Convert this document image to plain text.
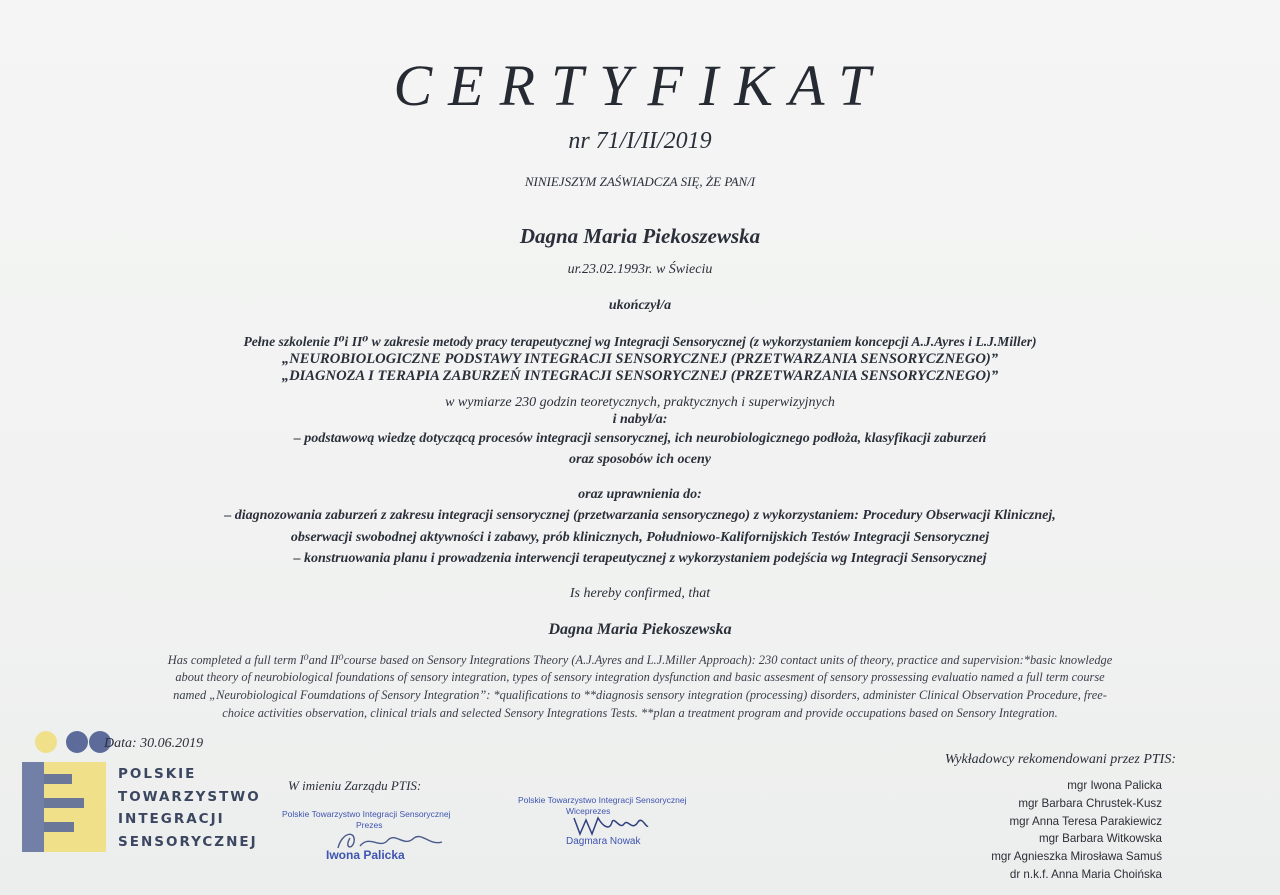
CERTYFIKAT

nr 71/I/II/2019

NINIEJSZYM ZAŚWIADCZA SIĘ, ŻE PAN/I

Dagna Maria Piekoszewska

ur.23.02.1993r. w Świeciu

ukończył/a

Pełne szkolenie I⁰i II⁰ w zakresie metody pracy terapeutycznej wg Integracji Sensorycznej (z wykorzystaniem koncepcji A.J.Ayres i L.J.Miller)

„NEUROBIOLOGICZNE PODSTAWY INTEGRACJI SENSORYCZNEJ (PRZETWARZANIA SENSORYCZNEGO)”

„DIAGNOZA I TERAPIA ZABURZEŃ INTEGRACJI SENSORYCZNEJ (PRZETWARZANIA SENSORYCZNEGO)”

w wymiarze 230 godzin teoretycznych, praktycznych i superwizyjnych

i nabył/a:

– podstawową wiedzę dotyczącą procesów integracji sensorycznej, ich neurobiologicznego podłoża, klasyfikacji zaburzeń

oraz sposobów ich oceny

oraz uprawnienia do:

– diagnozowania zaburzeń z zakresu integracji sensorycznej (przetwarzania sensorycznego) z wykorzystaniem: Procedury Obserwacji Klinicznej,

obserwacji swobodnej aktywności i zabawy, prób klinicznych, Południowo-Kalifornijskich Testów Integracji Sensorycznej

– konstruowania planu i prowadzenia interwencji terapeutycznej z wykorzystaniem podejścia wg Integracji Sensorycznej

Is hereby confirmed, that

Dagna Maria Piekoszewska

Has completed a full term I⁰and II⁰course based on Sensory Integrations Theory (A.J.Ayres and L.J.Miller Approach): 230 contact units of theory, practice and supervision:*basic knowledge

about theory of neurobiological foundations of sensory integration, types of sensory integration dysfunction and basic assesment of sensory prossessing evaluatio named a full term course

named „Neurobiological Foumdations of Sensory Integration”: *qualifications to **diagnosis sensory integration (processing) disorders, administer Clinical Observation Procedure, free-

choice activities observation, clinical trials and selected Sensory Integrations Tests. **plan a treatment program and provide occupations based on Sensory Integration.

Data: 30.06.2019

POLSKIE

TOWARZYSTWO

INTEGRACJI

SENSORYCZNEJ

W imieniu Zarządu PTIS:

Polskie Towarzystwo Integracji Sensorycznej

Prezes

Iwona Palicka

Polskie Towarzystwo Integracji Sensorycznej

Wiceprezes

Dagmara Nowak

Wykładowcy rekomendowani przez PTIS:

mgr Iwona Palicka

mgr Barbara Chrustek-Kusz

mgr Anna Teresa Parakiewicz

mgr Barbara Witkowska

mgr Agnieszka Mirosława Samuś

dr n.k.f. Anna Maria Choińska
